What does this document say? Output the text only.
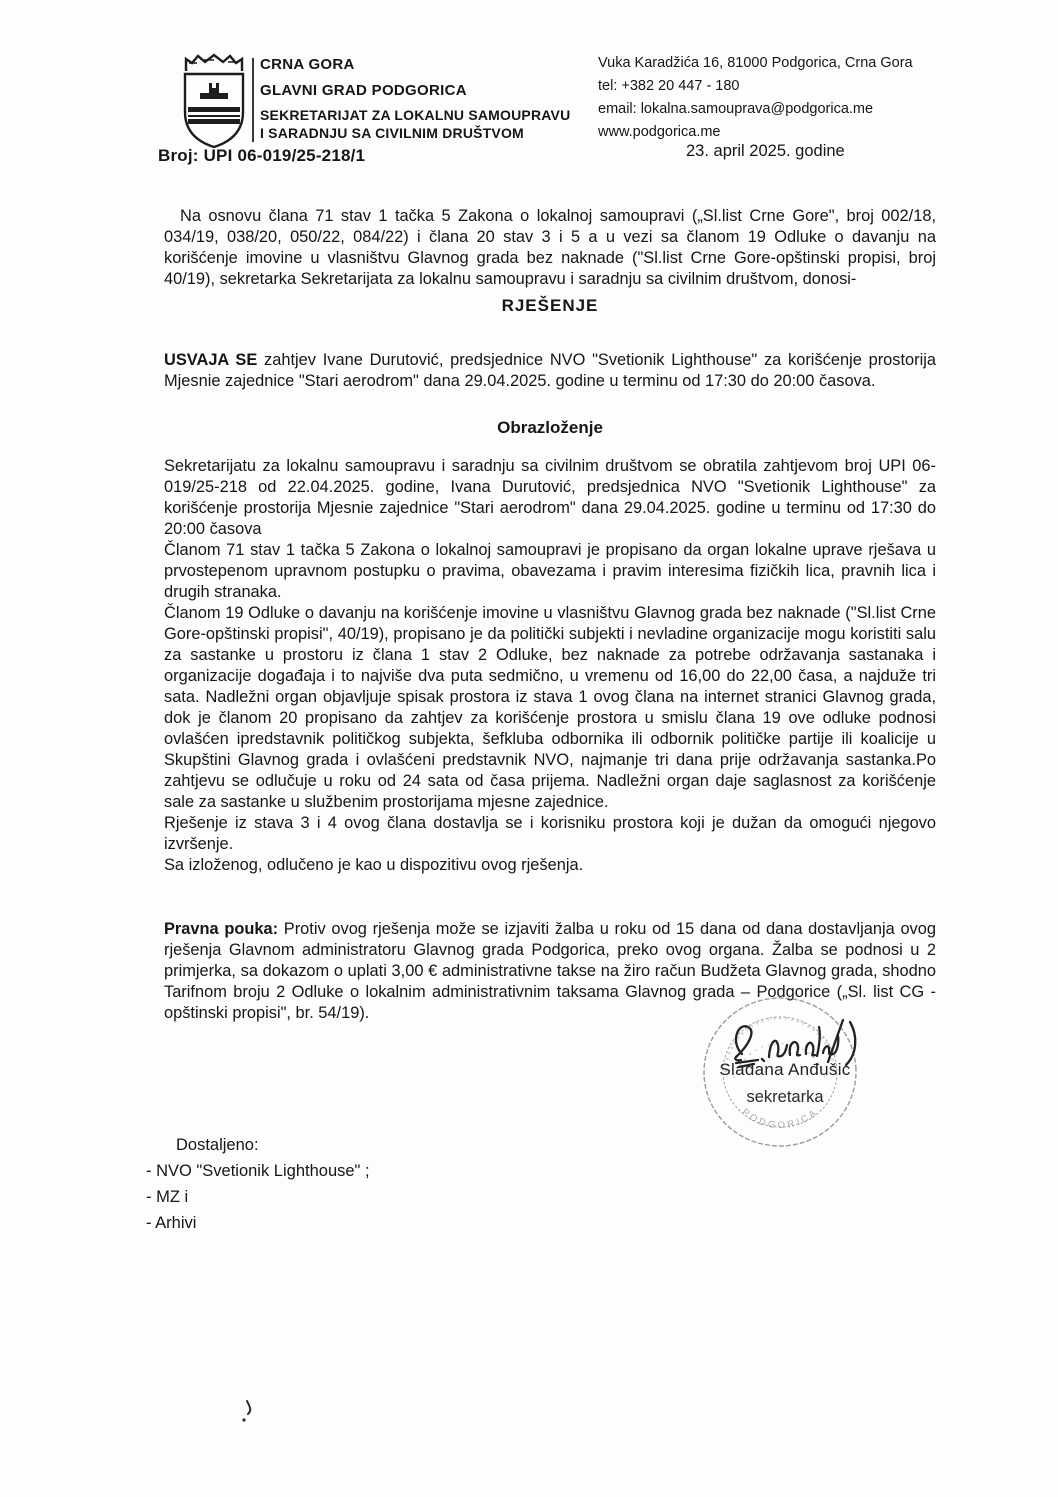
CRNA GORA
GLAVNI GRAD PODGORICA
SEKRETARIJAT ZA LOKALNU SAMOUPRAVU
I SARADNJU SA CIVILNIM DRUŠTVOM
Vuka Karadžića 16, 81000 Podgorica, Crna Gora
tel: +382 20 447 - 180
email: lokalna.samouprava@podgorica.me
www.podgorica.me
Broj: UPI 06-019/25-218/1	23. april 2025. godine

Na osnovu člana 71 stav 1 tačka 5 Zakona o lokalnoj samoupravi („Sl.list Crne Gore", broj 002/18, 034/19, 038/20, 050/22, 084/22) i člana 20 stav 3 i 5 a u vezi sa članom 19 Odluke o davanju na korišćenje imovine u vlasništvu Glavnog grada bez naknade ("Sl.list Crne Gore-opštinski propisi, broj 40/19), sekretarka Sekretarijata za lokalnu samoupravu i saradnju sa civilnim društvom, donosi-

RJEŠENJE

USVAJA SE zahtjev Ivane Durutović, predsjednice NVO "Svetionik Lighthouse" za korišćenje prostorija Mjesnie zajednice "Stari aerodrom" dana 29.04.2025. godine u terminu od 17:30 do 20:00 časova.

Obrazloženje

Sekretarijatu za lokalnu samoupravu i saradnju sa civilnim društvom se obratila zahtjevom broj UPI 06-019/25-218 od 22.04.2025. godine, Ivana Durutović, predsjednica NVO "Svetionik Lighthouse" za korišćenje prostorija Mjesnie zajednice "Stari aerodrom" dana 29.04.2025. godine u terminu od 17:30 do 20:00 časova

Članom 71 stav 1 tačka 5 Zakona o lokalnoj samoupravi je propisano da organ lokalne uprave rješava u prvostepenom upravnom postupku o pravima, obavezama i pravim interesima fizičkih lica, pravnih lica i drugih stranaka.

Članom 19 Odluke o davanju na korišćenje imovine u vlasništvu Glavnog grada bez naknade ("Sl.list Crne Gore-opštinski propisi", 40/19), propisano je da politički subjekti i nevladine organizacije mogu koristiti salu za sastanke u prostoru iz člana 1 stav 2 Odluke, bez naknade za potrebe održavanja sastanaka i organizacije događaja i to najviše dva puta sedmično, u vremenu od 16,00 do 22,00 časa, a najduže tri sata. Nadležni organ objavljuje spisak prostora iz stava 1 ovog člana na internet stranici Glavnog grada, dok je članom 20 propisano da zahtjev za korišćenje prostora u smislu člana 19 ove odluke podnosi ovlašćen ipredstavnik političkog subjekta, šefkluba odbornika ili odbornik političke partije ili koalicije u Skupštini Glavnog grada i ovlašćeni predstavnik NVO, najmanje tri dana prije održavanja sastanka.Po zahtjevu se odlučuje u roku od 24 sata od časa prijema. Nadležni organ daje saglasnost za korišćenje sale za sastanke u službenim prostorijama mjesne zajednice.

Rješenje iz stava 3 i 4 ovog člana dostavlja se i korisniku prostora koji je dužan da omogući njegovo izvršenje.

Sa izloženog, odlučeno je kao u dispozitivu ovog rješenja.

Pravna pouka: Protiv ovog rješenja može se izjaviti žalba u roku od 15 dana od dana dostavljanja ovog rješenja Glavnom administratoru Glavnog grada Podgorica, preko ovog organa. Žalba se podnosi u 2 primjerka, sa dokazom o uplati 3,00 € administrativne takse na žiro račun Budžeta Glavnog grada, shodno Tarifnom broju 2 Odluke o lokalnim administrativnim taksama Glavnog grada – Podgorice („Sl. list CG - opštinski propisi", br. 54/19).

PODGORICA
Slađana Anđušić
sekretarka
Dostaljeno:
- NVO "Svetionik Lighthouse" ;
- MZ i
- Arhivi
